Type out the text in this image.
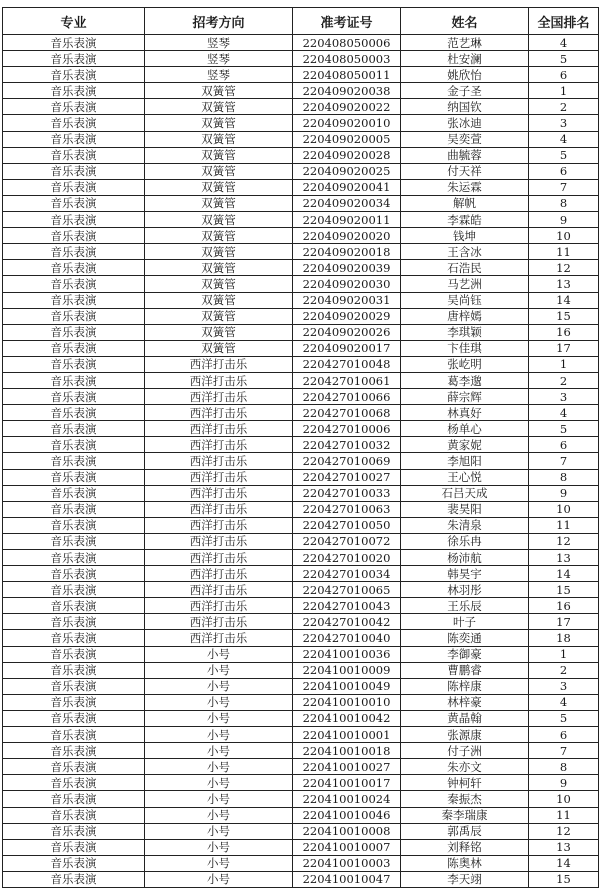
专业	招考方向	准考证号	姓名	全国排名
音乐表演	竖琴	220408050006	范艺琳	4
音乐表演	竖琴	220408050003	杜安澜	5
音乐表演	竖琴	220408050011	姚欣怡	6
音乐表演	双簧管	220409020038	金子圣	1
音乐表演	双簧管	220409020022	纳国钦	2
音乐表演	双簧管	220409020010	张冰迪	3
音乐表演	双簧管	220409020005	吴奕萱	4
音乐表演	双簧管	220409020028	曲毓蓉	5
音乐表演	双簧管	220409020025	付天祥	6
音乐表演	双簧管	220409020041	朱运霖	7
音乐表演	双簧管	220409020034	解帆	8
音乐表演	双簧管	220409020011	李霖皓	9
音乐表演	双簧管	220409020020	钱坤	10
音乐表演	双簧管	220409020018	王含冰	11
音乐表演	双簧管	220409020039	石浩民	12
音乐表演	双簧管	220409020030	马艺洲	13
音乐表演	双簧管	220409020031	吴尚钰	14
音乐表演	双簧管	220409020029	唐梓嫣	15
音乐表演	双簧管	220409020026	李琪颖	16
音乐表演	双簧管	220409020017	卞佳琪	17
音乐表演	西洋打击乐	220427010048	张屹明	1
音乐表演	西洋打击乐	220427010061	葛李邈	2
音乐表演	西洋打击乐	220427010066	薛宗辉	3
音乐表演	西洋打击乐	220427010068	林真好	4
音乐表演	西洋打击乐	220427010006	杨单心	5
音乐表演	西洋打击乐	220427010032	黄家妮	6
音乐表演	西洋打击乐	220427010069	李旭阳	7
音乐表演	西洋打击乐	220427010027	王心悦	8
音乐表演	西洋打击乐	220427010033	石吕天成	9
音乐表演	西洋打击乐	220427010063	裴昊阳	10
音乐表演	西洋打击乐	220427010050	朱清泉	11
音乐表演	西洋打击乐	220427010072	徐乐冉	12
音乐表演	西洋打击乐	220427010020	杨沛航	13
音乐表演	西洋打击乐	220427010034	韩昊宇	14
音乐表演	西洋打击乐	220427010065	林羽彤	15
音乐表演	西洋打击乐	220427010043	王乐辰	16
音乐表演	西洋打击乐	220427010042	叶子	17
音乐表演	西洋打击乐	220427010040	陈奕通	18
音乐表演	小号	220410010036	李御豪	1
音乐表演	小号	220410010009	曹鹏睿	2
音乐表演	小号	220410010049	陈梓康	3
音乐表演	小号	220410010010	林梓豪	4
音乐表演	小号	220410010042	黄晶翰	5
音乐表演	小号	220410010001	张源康	6
音乐表演	小号	220410010018	付子洲	7
音乐表演	小号	220410010027	朱亦文	8
音乐表演	小号	220410010017	钟柯轩	9
音乐表演	小号	220410010024	秦振杰	10
音乐表演	小号	220410010046	秦李瑞康	11
音乐表演	小号	220410010008	郭禹辰	12
音乐表演	小号	220410010007	刘释铭	13
音乐表演	小号	220410010003	陈奥林	14
音乐表演	小号	220410010047	李天翊	15
